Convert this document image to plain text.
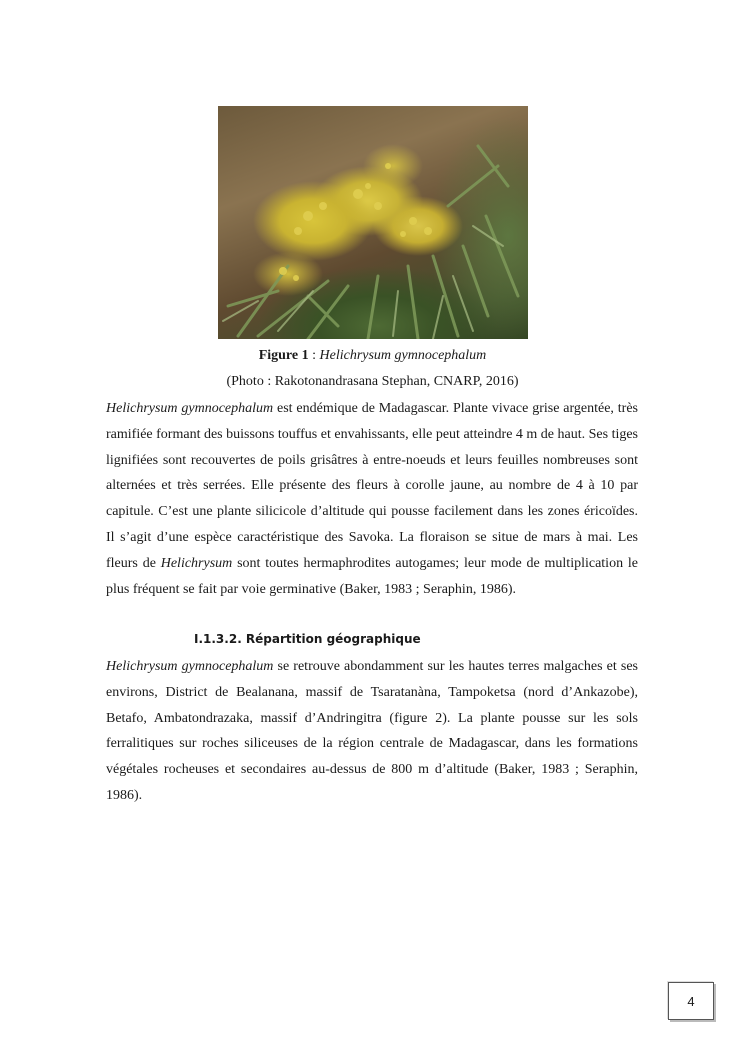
Figure 1 : Helichrysum gymnocephalum
(Photo : Rakotonandrasana Stephan, CNARP, 2016)

Helichrysum gymnocephalum est endémique de Madagascar. Plante vivace grise argentée, très ramifiée formant des buissons touffus et envahissants, elle peut atteindre 4 m de haut. Ses tiges lignifiées sont recouvertes de poils grisâtres à entre-noeuds et leurs feuilles nombreuses sont alternées et très serrées. Elle présente des fleurs à corolle jaune, au nombre de 4 à 10 par capitule. C’est une plante silicicole d’altitude qui pousse facilement dans les zones éricoïdes. Il s’agit d’une espèce caractéristique des Savoka. La floraison se situe de mars à mai. Les fleurs de Helichrysum sont toutes hermaphrodites autogames; leur mode de multiplication le plus fréquent se fait par voie germinative (Baker, 1983 ; Seraphin, 1986).

I.1.3.2. Répartition géographique

Helichrysum gymnocephalum se retrouve abondamment sur les hautes terres malgaches et ses environs, District de Bealanana, massif de Tsaratanàna, Tampoketsa (nord d’Ankazobe), Betafo, Ambatondrazaka, massif d’Andringitra (figure 2). La plante pousse sur les sols ferralitiques sur roches siliceuses de la région centrale de Madagascar, dans les formations végétales rocheuses et secondaires au-dessus de 800 m d’altitude (Baker, 1983 ; Seraphin, 1986).

4
